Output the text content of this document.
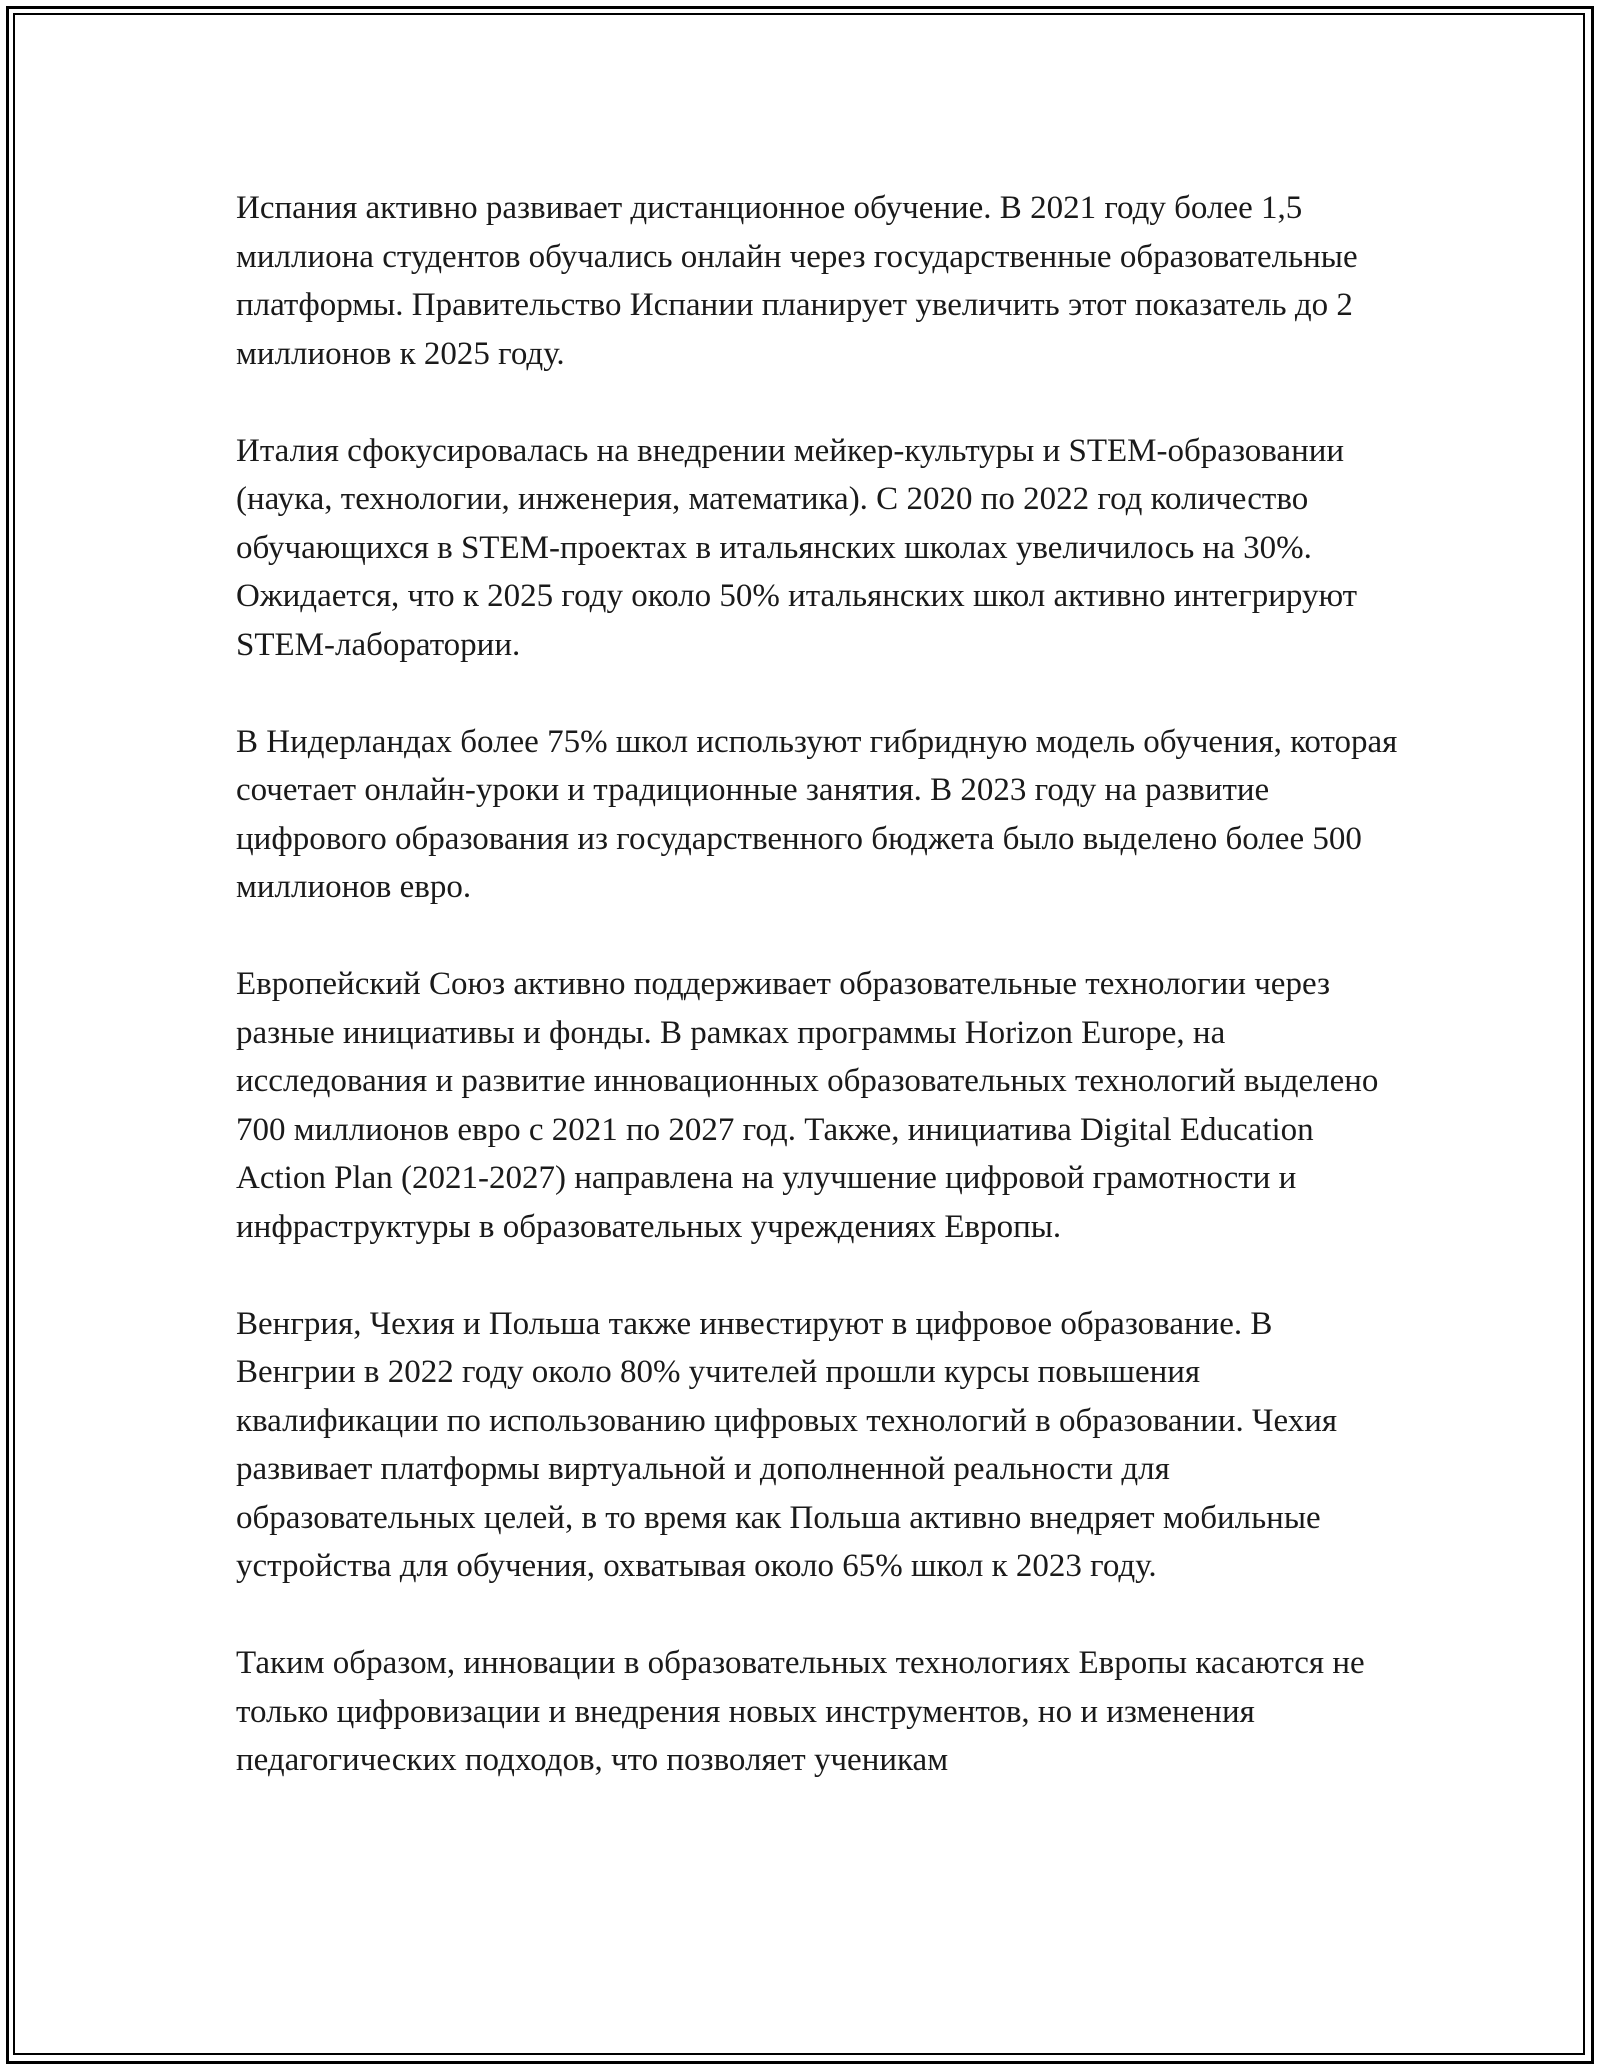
Испания активно развивает дистанционное обучение. В 2021 году более 1,5 миллиона студентов обучались онлайн через государственные образовательные платформы. Правительство Испании планирует увеличить этот показатель до 2 миллионов к 2025 году.

Италия сфокусировалась на внедрении мейкер-культуры и STEM-образовании (наука, технологии, инженерия, математика). С 2020 по 2022 год количество обучающихся в STEM-проектах в итальянских школах увеличилось на 30%. Ожидается, что к 2025 году около 50% итальянских школ активно интегрируют STEM-лаборатории.

В Нидерландах более 75% школ используют гибридную модель обучения, которая сочетает онлайн-уроки и традиционные занятия. В 2023 году на развитие цифрового образования из государственного бюджета было выделено более 500 миллионов евро.

Европейский Союз активно поддерживает образовательные технологии через разные инициативы и фонды. В рамках программы Horizon Europe, на исследования и развитие инновационных образовательных технологий выделено 700 миллионов евро с 2021 по 2027 год. Также, инициатива Digital Education Action Plan (2021-2027) направлена на улучшение цифровой грамотности и инфраструктуры в образовательных учреждениях Европы.

Венгрия, Чехия и Польша также инвестируют в цифровое образование. В Венгрии в 2022 году около 80% учителей прошли курсы повышения квалификации по использованию цифровых технологий в образовании. Чехия развивает платформы виртуальной и дополненной реальности для образовательных целей, в то время как Польша активно внедряет мобильные устройства для обучения, охватывая около 65% школ к 2023 году.

Таким образом, инновации в образовательных технологиях Европы касаются не только цифровизации и внедрения новых инструментов, но и изменения педагогических подходов, что позволяет ученикам
